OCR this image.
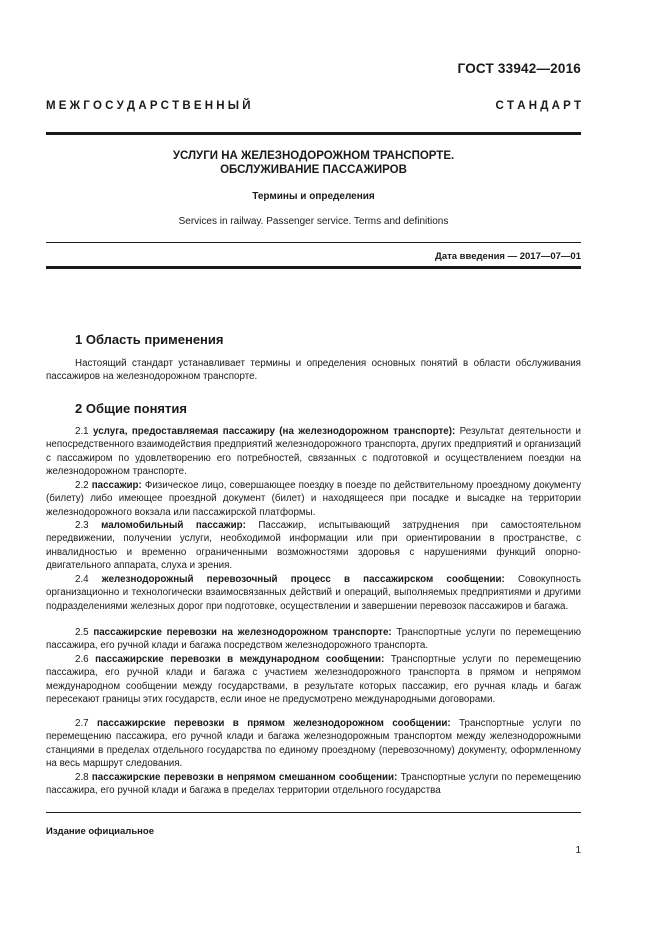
ГОСТ 33942—2016
М Е Ж Г О С У Д А Р С Т В Е Н Н Ы Й	С Т А Н Д А Р Т
УСЛУГИ НА ЖЕЛЕЗНОДОРОЖНОМ ТРАНСПОРТЕ.
ОБСЛУЖИВАНИЕ ПАССАЖИРОВ
Термины и определения
Services in railway. Passenger service. Terms and definitions
Дата введения — 2017—07—01
1 Область применения
Настоящий стандарт устанавливает термины и определения основных понятий в области обслуживания пассажиров на железнодорожном транспорте.
2 Общие понятия
2.1 услуга, предоставляемая пассажиру (на железнодорожном транспорте): Результат деятельности и непосредственного взаимодействия предприятий железнодорожного транспорта, других предприятий и организаций с пассажиром по удовлетворению его потребностей, связанных с подготовкой и осуществлением поездки на железнодорожном транспорте.
2.2 пассажир: Физическое лицо, совершающее поездку в поезде по действительному проездному документу (билету) либо имеющее проездной документ (билет) и находящееся при посадке и высадке на территории железнодорожного вокзала или пассажирской платформы.
2.3 маломобильный пассажир: Пассажир, испытывающий затруднения при самостоятельном передвижении, получении услуги, необходимой информации или при ориентировании в пространстве, с инвалидностью и временно ограниченными возможностями здоровья с нарушениями функций опорно-двигательного аппарата, слуха и зрения.
2.4 железнодорожный перевозочный процесс в пассажирском сообщении: Совокупность организационно и технологически взаимосвязанных действий и операций, выполняемых предприятиями и другими подразделениями железных дорог при подготовке, осуществлении и завершении перевозок пассажиров и багажа.
2.5 пассажирские перевозки на железнодорожном транспорте: Транспортные услуги по перемещению пассажира, его ручной клади и багажа посредством железнодорожного транспорта.
2.6 пассажирские перевозки в международном сообщении: Транспортные услуги по перемещению пассажира, его ручной клади и багажа с участием железнодорожного транспорта в прямом и непрямом международном сообщении между государствами, в результате которых пассажир, его ручная кладь и багаж пересекают границы этих государств, если иное не предусмотрено международными договорами.
2.7 пассажирские перевозки в прямом железнодорожном сообщении: Транспортные услуги по перемещению пассажира, его ручной клади и багажа железнодорожным транспортом между железнодорожными станциями в пределах отдельного государства по единому проездному (перевозочному) документу, оформленному на весь маршрут следования.
2.8 пассажирские перевозки в непрямом смешанном сообщении: Транспортные услуги по перемещению пассажира, его ручной клади и багажа в пределах территории отдельного государства
Издание официальное
1
